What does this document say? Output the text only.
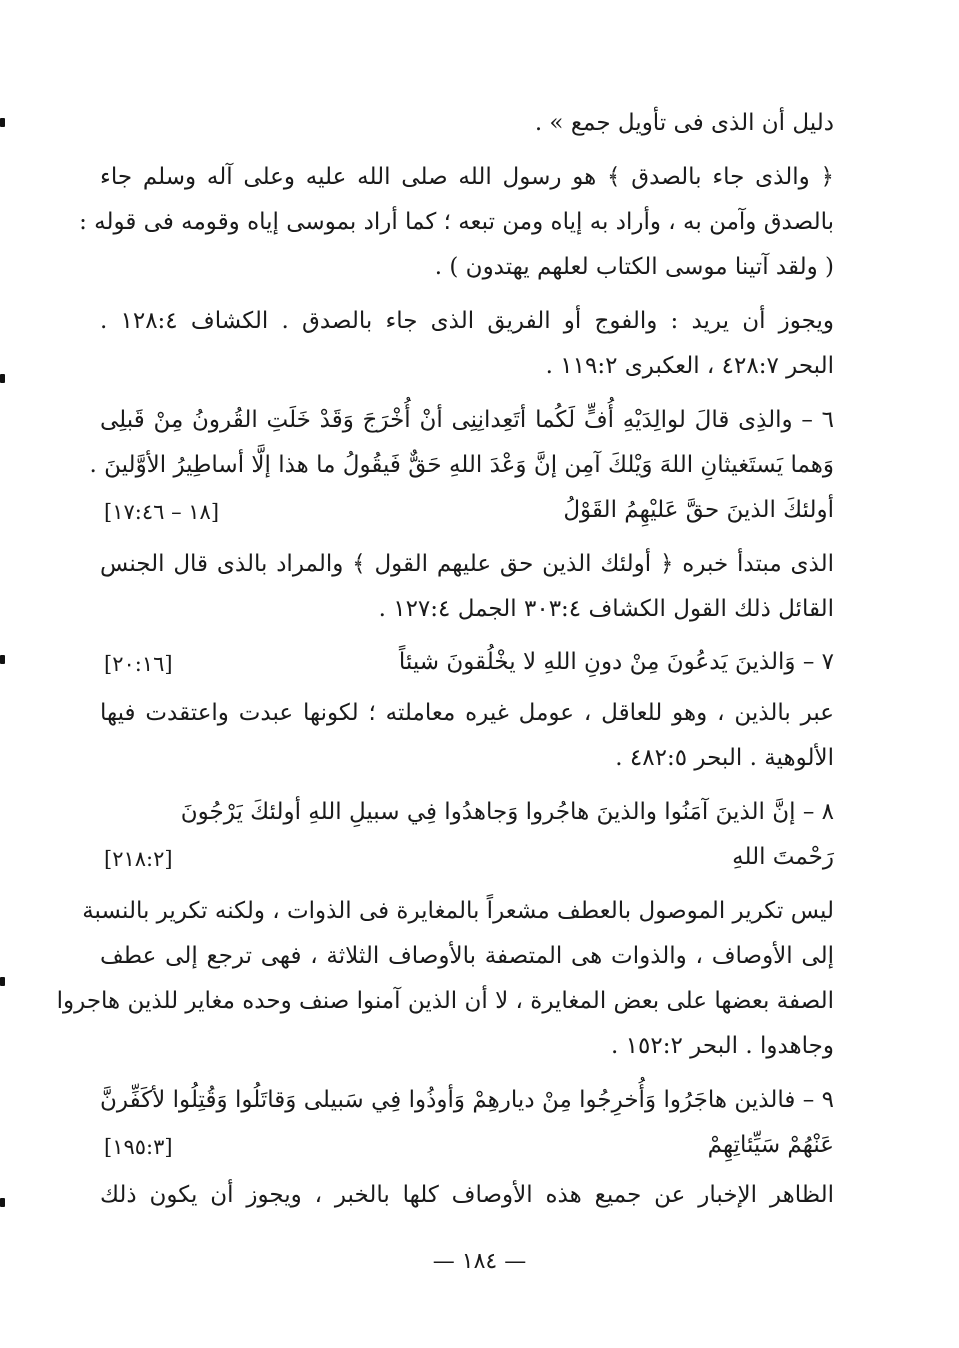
دليل أن الذى فى تأويل جمع » .
﴿ والذى جاء بالصدق ﴾ هو رسول الله صلى الله عليه وعلى آله وسلم جاء
بالصدق وآمن به ، وأراد به إياه ومن تبعه ؛ كما أراد بموسى إياه وقومه فى قوله :
( ولقد آتينا موسى الكتاب لعلهم يهتدون ) .
ويجوز أن يريد : والفوج أو الفريق الذى جاء بالصدق . الكشاف ١٢٨:٤ .
البحر ٤٢٨:٧ ، العكبرى ١١٩:٢ .
٦ – والذِى قالَ لوالِدَيْهِ أُفٍّ لَكُما أتَعِدانِنِى أنْ أُخْرَجَ وَقَدْ خَلَتِ القُرونُ مِنْ قَبلِى
وَهما يَستَغيثانِ اللهَ وَيْلكَ آمِن إنَّ وَعْدَ اللهِ حَقٌّ فَيقُولُ ما هذا إلَّا أساطِيرُ الأوَّلينَ .
أولئكَ الذينَ حقَّ عَليْهِمُ القَوْلُ
[١٨ – ١٧:٤٦]
الذى مبتدأ خبره ﴿ أولئك الذين حق عليهم القول ﴾ والمراد بالذى قال الجنس
القائل ذلك القول الكشاف ٣٠٣:٤ الجمل ١٢٧:٤ .
٧ – وَالذينَ يَدعُونَ مِنْ دونِ اللهِ لا يخْلُقونَ شيئاً
[٢٠:١٦]
عبر بالذين ، وهو للعاقل ، عومل غيره معاملته ؛ لكونها عبدت واعتقدت فيها
الألوهية . البحر ٤٨٢:٥ .
٨ – إنَّ الذينَ آمَنُوا والذينَ هاجُروا وَجاهدُوا فِي سبيلِ اللهِ أولئكَ يَرْجُونَ
رَحْمتَ اللهِ
[٢١٨:٢]
ليس تكرير الموصول بالعطف مشعراً بالمغايرة فى الذوات ، ولكنه تكرير بالنسبة
إلى الأوصاف ، والذوات هى المتصفة بالأوصاف الثلاثة ، فهى ترجع إلى عطف
الصفة بعضها على بعض المغايرة ، لا أن الذين آمنوا صنف وحده مغاير للذين هاجروا
وجاهدوا . البحر ١٥٢:٢ .
٩ – فالذين هاجَرُوا وَأُخرِجُوا مِنْ ديارهِمْ وَأوذُوا فِي سَبيلى وَقاتَلُوا وَقُتِلُوا لأكَفِّرنَّ
عَنْهُمْ سَيِّئاتِهِمْ
[١٩٥:٣]
الظاهر الإخبار عن جميع هذه الأوصاف كلها بالخبر ، ويجوز أن يكون ذلك
— ١٨٤ —
